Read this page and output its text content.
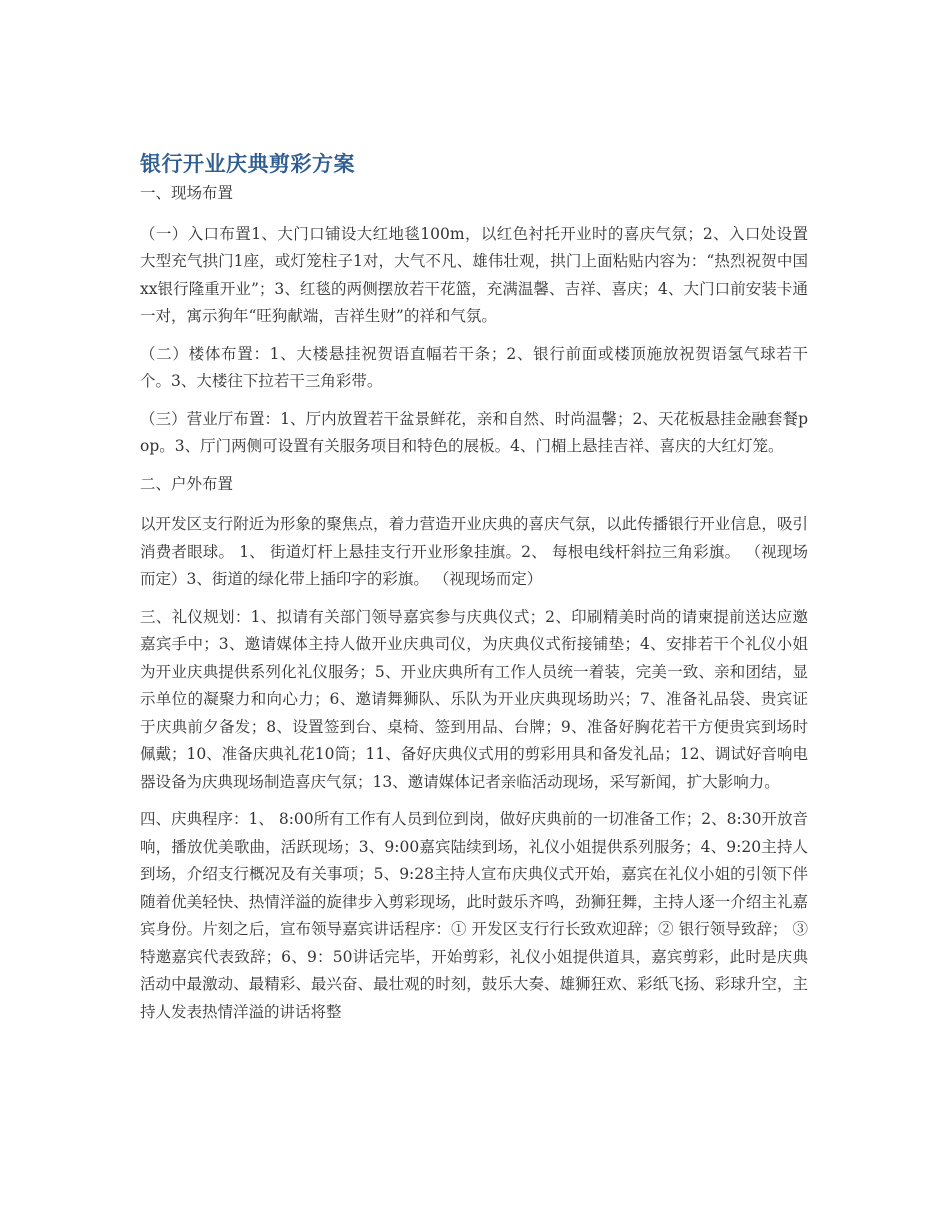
银行开业庆典剪彩方案

一、现场布置

（一）入口布置1、大门口铺设大红地毯100m，以红色衬托开业时的喜庆气氛；2、入口处设置大型充气拱门1座，或灯笼柱子1对，大气不凡、雄伟壮观，拱门上面粘贴内容为：“热烈祝贺中国xx银行隆重开业”；3、红毯的两侧摆放若干花篮，充满温馨、吉祥、喜庆；4、大门口前安装卡通一对，寓示狗年“旺狗献端，吉祥生财”的祥和气氛。

（二）楼体布置：1、大楼悬挂祝贺语直幅若干条；2、银行前面或楼顶施放祝贺语氢气球若干个。3、大楼往下拉若干三角彩带。

（三）营业厅布置：1、厅内放置若干盆景鲜花，亲和自然、时尚温馨；2、天花板悬挂金融套餐pop。3、厅门两侧可设置有关服务项目和特色的展板。4、门楣上悬挂吉祥、喜庆的大红灯笼。

二、户外布置

以开发区支行附近为形象的聚焦点，着力营造开业庆典的喜庆气氛，以此传播银行开业信息，吸引消费者眼球。 1、 街道灯杆上悬挂支行开业形象挂旗。2、 每根电线杆斜拉三角彩旗。 （视现场而定）3、街道的绿化带上插印字的彩旗。 （视现场而定）

三、礼仪规划：1、拟请有关部门领导嘉宾参与庆典仪式；2、印刷精美时尚的请柬提前送达应邀嘉宾手中；3、邀请媒体主持人做开业庆典司仪，为庆典仪式衔接铺垫；4、安排若干个礼仪小姐为开业庆典提供系列化礼仪服务；5、开业庆典所有工作人员统一着装，完美一致、亲和团结，显示单位的凝聚力和向心力；6、邀请舞狮队、乐队为开业庆典现场助兴；7、准备礼品袋、贵宾证于庆典前夕备发；8、设置签到台、桌椅、签到用品、台牌；9、准备好胸花若干方便贵宾到场时佩戴；10、准备庆典礼花10筒；11、备好庆典仪式用的剪彩用具和备发礼品；12、调试好音响电器设备为庆典现场制造喜庆气氛；13、邀请媒体记者亲临活动现场，采写新闻，扩大影响力。

四、庆典程序：1、 8:00所有工作有人员到位到岗，做好庆典前的一切准备工作；2、8:30开放音响，播放优美歌曲，活跃现场；3、9:00嘉宾陆续到场，礼仪小姐提供系列服务；4、9:20主持人到场，介绍支行概况及有关事项；5、9:28主持人宣布庆典仪式开始，嘉宾在礼仪小姐的引领下伴随着优美轻快、热情洋溢的旋律步入剪彩现场，此时鼓乐齐鸣，劲狮狂舞，主持人逐一介绍主礼嘉宾身份。片刻之后，宣布领导嘉宾讲话程序：① 开发区支行行长致欢迎辞；② 银行领导致辞； ③ 特邀嘉宾代表致辞；6、9：50讲话完毕，开始剪彩，礼仪小姐提供道具，嘉宾剪彩，此时是庆典活动中最激动、最精彩、最兴奋、最壮观的时刻，鼓乐大奏、雄狮狂欢、彩纸飞扬、彩球升空，主持人发表热情洋溢的讲话将整
